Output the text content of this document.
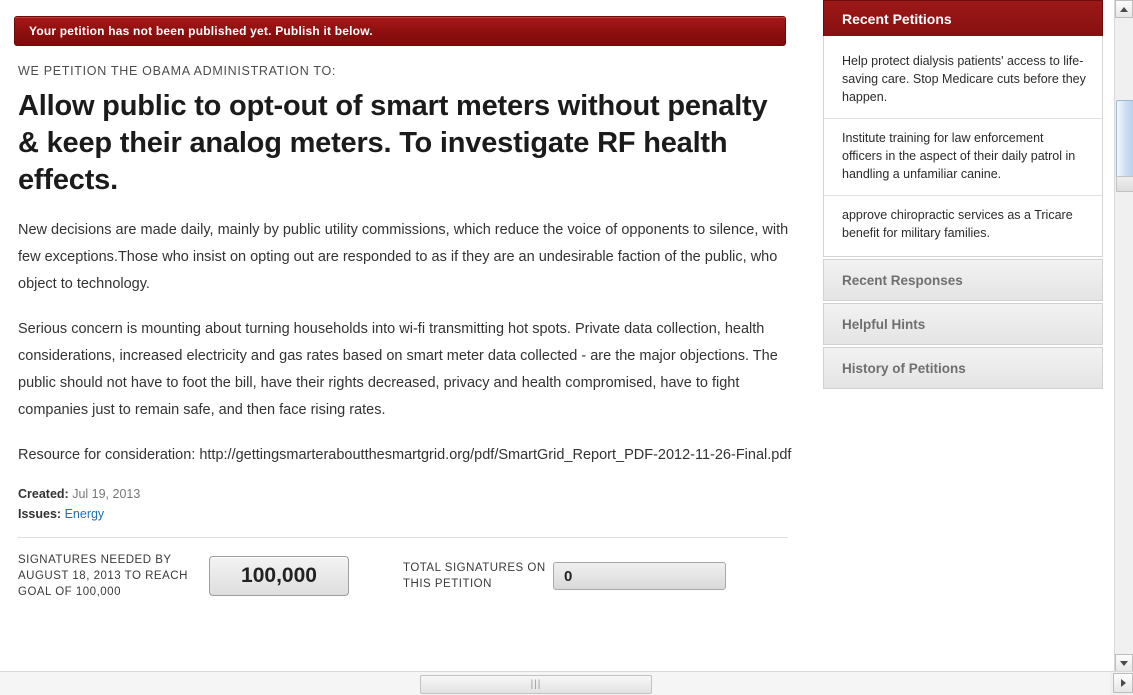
Your petition has not been published yet. Publish it below.
WE PETITION THE OBAMA ADMINISTRATION TO:
Allow public to opt-out of smart meters without penalty & keep their analog meters. To investigate RF health effects.

New decisions are made daily, mainly by public utility commissions, which reduce the voice of opponents to silence, with few exceptions.Those who insist on opting out are responded to as if they are an undesirable faction of the public, who object to technology.

Serious concern is mounting about turning households into wi-fi transmitting hot spots. Private data collection, health considerations, increased electricity and gas rates based on smart meter data collected - are the major objections. The public should not have to foot the bill, have their rights decreased, privacy and health compromised, have to fight companies just to remain safe, and then face rising rates.

Resource for consideration: http://gettingsmarteraboutthesmartgrid.org/pdf/SmartGrid_Report_PDF-2012-11-26-Final.pdf

Created: Jul 19, 2013
Issues: Energy
SIGNATURES NEEDED BY AUGUST 18, 2013 TO REACH GOAL OF 100,000
100,000	TOTAL SIGNATURES ON THIS PETITION	0
Recent Petitions
Help protect dialysis patients' access to life-saving care. Stop Medicare cuts before they happen.
Institute training for law enforcement officers in the aspect of their daily patrol in handling a unfamiliar canine.
approve chiropractic services as a Tricare benefit for military families.
Recent Responses
Helpful Hints
History of Petitions
|||
